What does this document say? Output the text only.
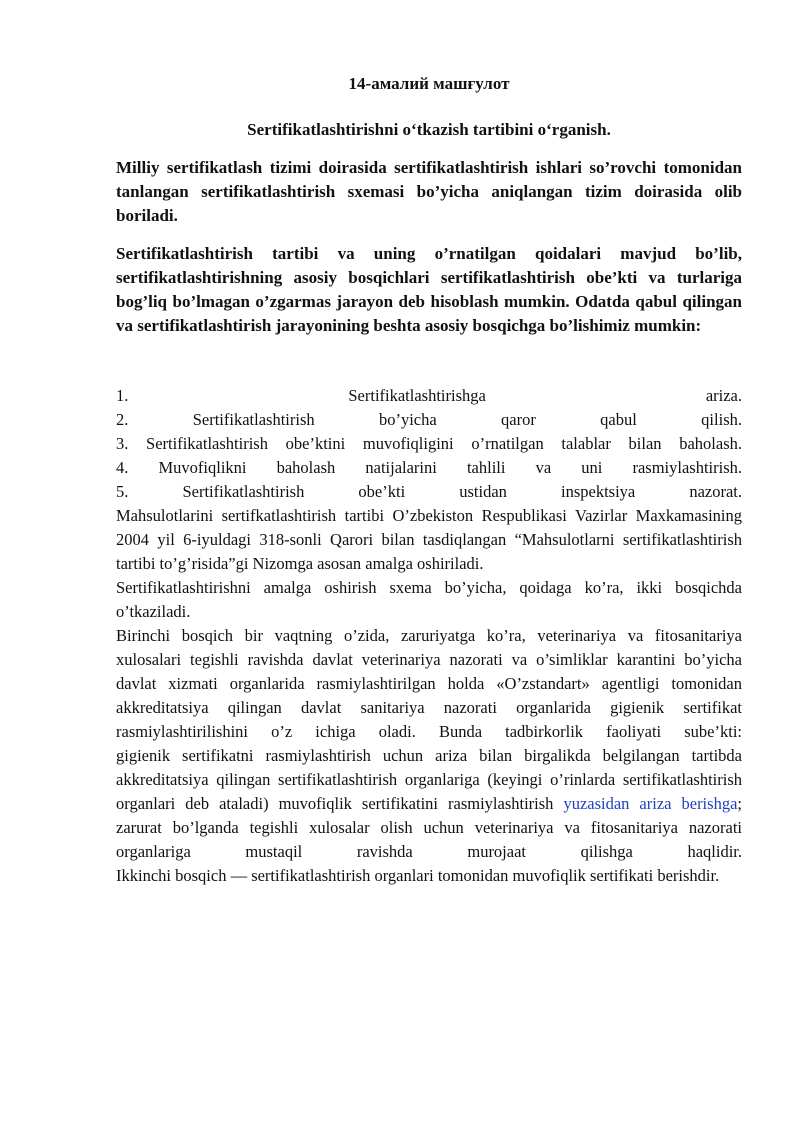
14-амалий машғулот

Sertifikatlashtirishni o‘tkazish tartibini o‘rganish.

Milliy sertifikatlash tizimi doirasida sertifikatlashtirish ishlari so’rovchi tomonidan tanlangan sertifikatlashtirish sxemasi bo’yicha aniqlangan tizim doirasida olib boriladi.

Sertifikatlashtirish tartibi va uning o’rnatilgan qoidalari mavjud bo’lib, sertifikatlashtirishning asosiy bosqichlari sertifikatlashtirish obe’kti va turlariga bog’liq bo’lmagan o’zgarmas jarayon deb hisoblash mumkin. Odatda qabul qilingan va sertifikatlashtirish jarayonining beshta asosiy bosqichga bo’lishimiz mumkin:

1. Sertifikatlashtirishga ariza.

2. Sertifikatlashtirish bo’yicha qaror qabul qilish.

3. Sertifikatlashtirish obe’ktini muvofiqligini o’rnatilgan talablar bilan baholash.

4. Muvofiqlikni baholash natijalarini tahlili va uni rasmiylashtirish.

5. Sertifikatlashtirish obe’kti ustidan inspektsiya nazorat.

Mahsulotlarini sertifkatlashtirish tartibi O’zbekiston Respublikasi Vazirlar Maxkamasining 2004 yil 6-iyuldagi 318-sonli Qarori bilan tasdiqlangan “Mahsulotlarni sertifikatlashtirish tartibi to’g’risida”gi Nizomga asosan amalga oshiriladi.

Sertifikatlashtirishni amalga oshirish sxema bo’yicha, qoidaga ko’ra, ikki bosqichda o’tkaziladi.

Birinchi bosqich bir vaqtning o’zida, zaruriyatga ko’ra, veterinariya va fitosanitariya xulosalari tegishli ravishda davlat veterinariya nazorati va o’simliklar karantini bo’yicha davlat xizmati organlarida rasmiylashtirilgan holda «O’zstandart» agentligi tomonidan akkreditatsiya qilingan davlat sanitariya nazorati organlarida gigienik sertifikat rasmiylashtirilishini o’z ichiga oladi. Bunda tadbirkorlik faoliyati sube’kti:

gigienik sertifikatni rasmiylashtirish uchun ariza bilan birgalikda belgilangan tartibda akkreditatsiya qilingan sertifikatlashtirish organlariga (keyingi o’rinlarda sertifikatlashtirish organlari deb ataladi) muvofiqlik sertifikatini rasmiylashtirish yuzasidan ariza berishga;

zarurat bo’lganda tegishli xulosalar olish uchun veterinariya va fitosanitariya nazorati organlariga mustaqil ravishda murojaat qilishga haqlidir.

Ikkinchi bosqich — sertifikatlashtirish organlari tomonidan muvofiqlik sertifikati berishdir.
